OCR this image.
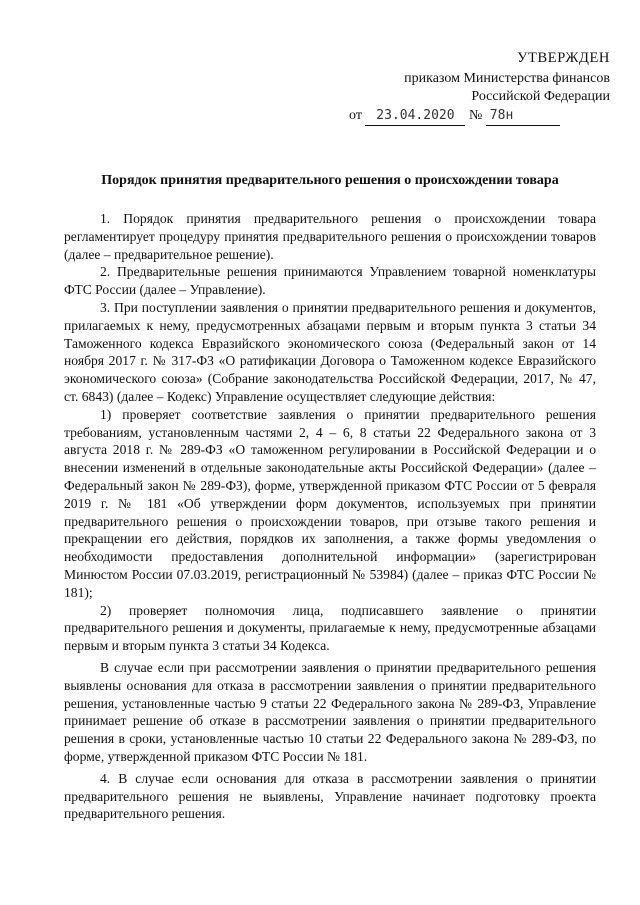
УТВЕРЖДЕН
приказом Министерства финансов
Российской Федерации
от 23.04.2020 № 78н
Порядок принятия предварительного решения о происхождении товара

1. Порядок принятия предварительного решения о происхождении товара регламентирует процедуру принятия предварительного решения о происхождении товаров (далее – предварительное решение).

2. Предварительные решения принимаются Управлением товарной номенклатуры ФТС России (далее – Управление).

3. При поступлении заявления о принятии предварительного решения и документов, прилагаемых к нему, предусмотренных абзацами первым и вторым пункта 3 статьи 34 Таможенного кодекса Евразийского экономического союза (Федеральный закон от 14 ноября 2017 г. № 317-ФЗ «О ратификации Договора о Таможенном кодексе Евразийского экономического союза» (Собрание законодательства Российской Федерации, 2017, № 47, ст. 6843) (далее – Кодекс) Управление осуществляет следующие действия:

1) проверяет соответствие заявления о принятии предварительного решения требованиям, установленным частями 2, 4 – 6, 8 статьи 22 Федерального закона от 3 августа 2018 г. № 289-ФЗ «О таможенном регулировании в Российской Федерации и о внесении изменений в отдельные законодательные акты Российской Федерации» (далее – Федеральный закон № 289-ФЗ), форме, утвержденной приказом ФТС России от 5 февраля 2019 г. № 181 «Об утверждении форм документов, используемых при принятии предварительного решения о происхождении товаров, при отзыве такого решения и прекращении его действия, порядков их заполнения, а также формы уведомления о необходимости предоставления дополнительной информации» (зарегистрирован Минюстом России 07.03.2019, регистрационный № 53984) (далее – приказ ФТС России № 181);

2) проверяет полномочия лица, подписавшего заявление о принятии предварительного решения и документы, прилагаемые к нему, предусмотренные абзацами первым и вторым пункта 3 статьи 34 Кодекса.

В случае если при рассмотрении заявления о принятии предварительного решения выявлены основания для отказа в рассмотрении заявления о принятии предварительного решения, установленные частью 9 статьи 22 Федерального закона № 289-ФЗ, Управление принимает решение об отказе в рассмотрении заявления о принятии предварительного решения в сроки, установленные частью 10 статьи 22 Федерального закона № 289-ФЗ, по форме, утвержденной приказом ФТС России № 181.

4. В случае если основания для отказа в рассмотрении заявления о принятии предварительного решения не выявлены, Управление начинает подготовку проекта предварительного решения.
